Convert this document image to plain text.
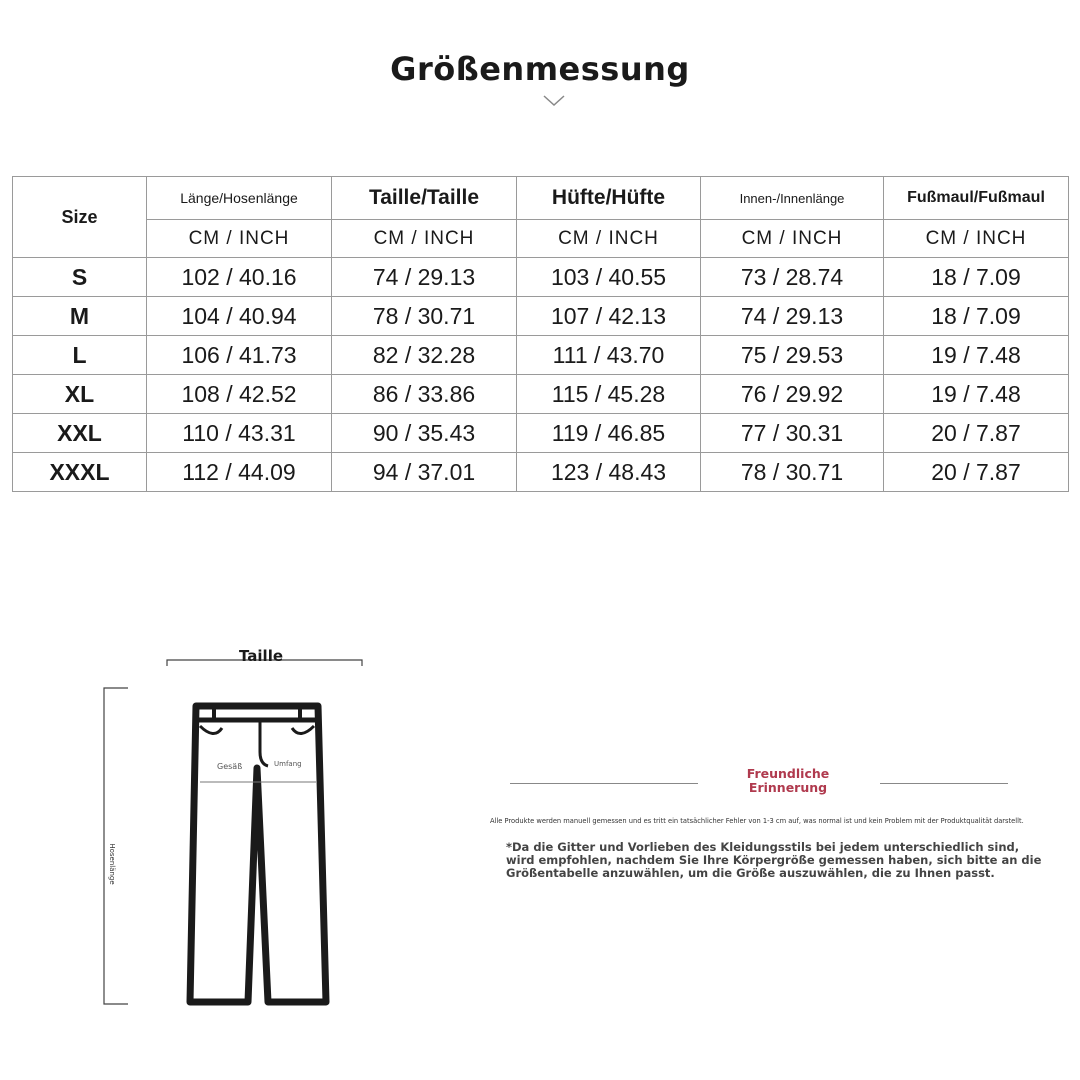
Größenmessung
Size	Länge/Hosenlänge	Taille/Taille	Hüfte/Hüfte	Innen-/Innenlänge	Fußmaul/Fußmaul
	CM / INCH	CM / INCH	CM / INCH	CM / INCH	CM / INCH
S	102 / 40.16	74 / 29.13	103 / 40.55	73 / 28.74	18 / 7.09
M	104 / 40.94	78 / 30.71	107 / 42.13	74 / 29.13	18 / 7.09
L	106 / 41.73	82 / 32.28	111 / 43.70	75 / 29.53	19 / 7.48
XL	108 / 42.52	86 / 33.86	115 / 45.28	76 / 29.92	19 / 7.48
XXL	110 / 43.31	90 / 35.43	119 / 46.85	77 / 30.31	20 / 7.87
XXXL	112 / 44.09	94 / 37.01	123 / 48.43	78 / 30.71	20 / 7.87
Taille
Gesäß	Umfang
Hosenlänge
Freundliche
Erinnerung
Alle Produkte werden manuell gemessen und es tritt ein tatsächlicher Fehler von 1-3 cm auf, was normal ist und kein Problem mit der Produktqualität darstellt.
*Da die Gitter und Vorlieben des Kleidungsstils bei jedem unterschiedlich sind, wird empfohlen, nachdem Sie Ihre Körpergröße gemessen haben, sich bitte an die Größentabelle anzuwählen, um die Größe auszuwählen, die zu Ihnen passt.
